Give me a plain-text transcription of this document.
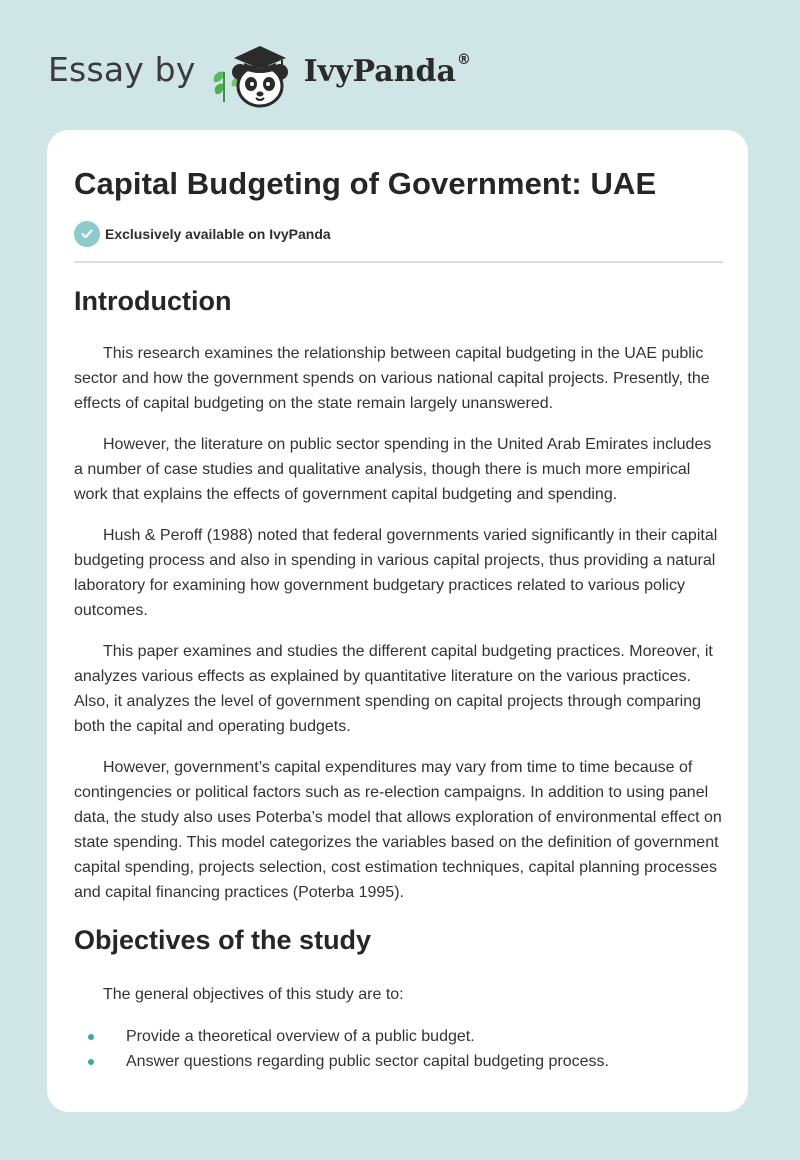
Essay by	IvyPanda®
Capital Budgeting of Government: UAE
Exclusively available on IvyPanda
Introduction

This research examines the relationship between capital budgeting in the UAE public sector and how the government spends on various national capital projects. Presently, the effects of capital budgeting on the state remain largely unanswered.

However, the literature on public sector spending in the United Arab Emirates includes a number of case studies and qualitative analysis, though there is much more empirical work that explains the effects of government capital budgeting and spending.

Hush & Peroff (1988) noted that federal governments varied significantly in their capital budgeting process and also in spending in various capital projects, thus providing a natural laboratory for examining how government budgetary practices related to various policy outcomes.

This paper examines and studies the different capital budgeting practices. Moreover, it analyzes various effects as explained by quantitative literature on the various practices. Also, it analyzes the level of government spending on capital projects through comparing both the capital and operating budgets.

However, government’s capital expenditures may vary from time to time because of contingencies or political factors such as re-election campaigns. In addition to using panel data, the study also uses Poterba’s model that allows exploration of environmental effect on state spending. This model categorizes the variables based on the definition of government capital spending, projects selection, cost estimation techniques, capital planning processes and capital financing practices (Poterba 1995).

Objectives of the study

The general objectives of this study are to:

Provide a theoretical overview of a public budget.
Answer questions regarding public sector capital budgeting process.
